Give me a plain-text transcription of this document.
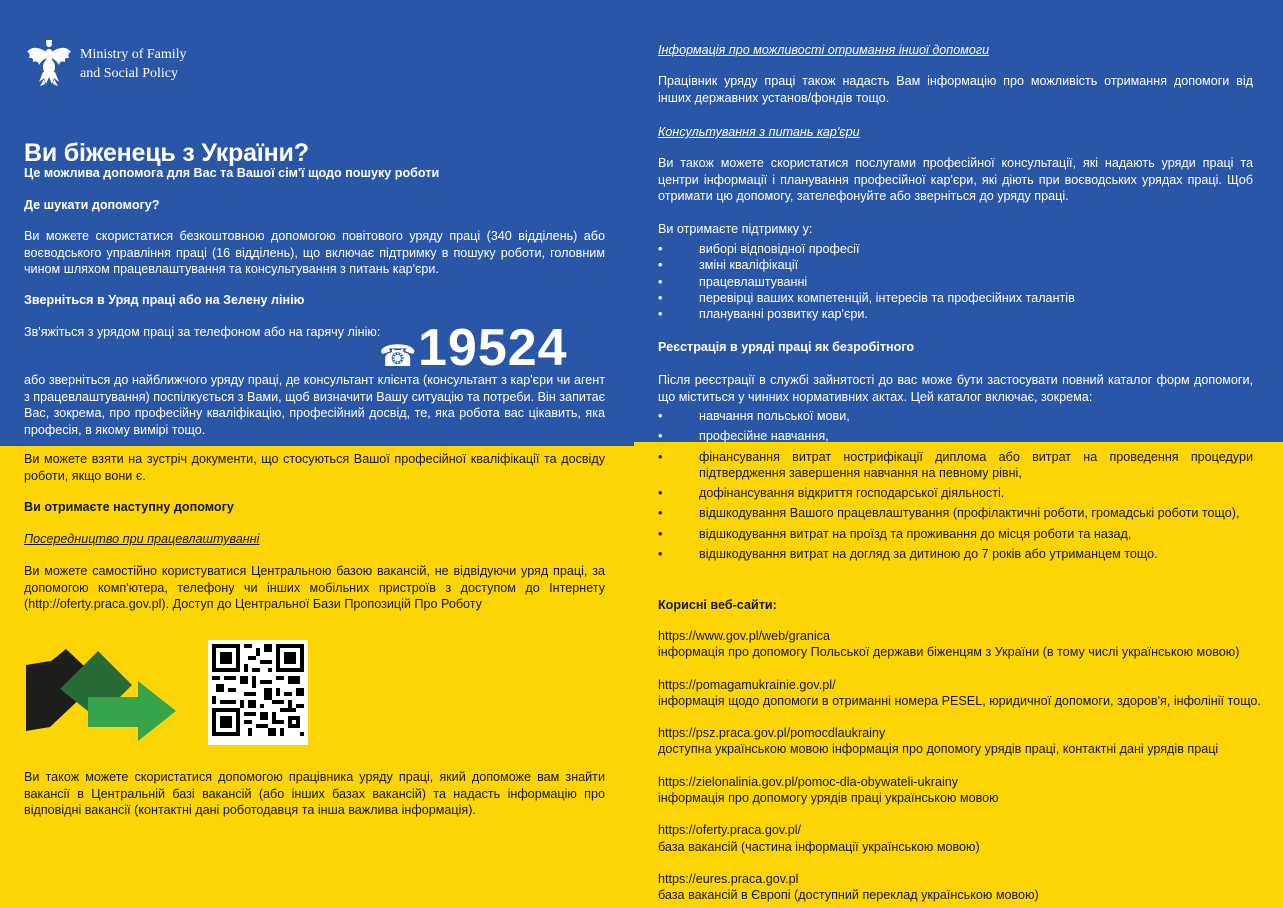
Ministry of Family
and Social Policy
Ви біженець з України?
Це можлива допомога для Вас та Вашої сім'ї щодо пошуку роботи
Де шукати допомогу?
Ви можете скористатися безкоштовною допомогою повітового уряду праці (340 відділень) або воєводського управління праці (16 відділень), що включає підтримку в пошуку роботи, головним чином шляхом працевлаштування та консультування з питань кар'єри.
Зверніться в Уряд праці або на Зелену лінію
Зв'яжіться з урядом праці за телефоном або на гарячу лінію:
☎ 19524
або зверніться до найближчого уряду праці, де консультант клієнта (консультант з кар'єри чи агент з працевлаштування) поспілкується з Вами, щоб визначити Вашу ситуацію та потреби. Він запитає Вас, зокрема, про професійну кваліфікацію, професійний досвід, те, яка робота вас цікавить, яка професія, в якому вимірі тощо.
Ви можете взяти на зустріч документи, що стосуються Вашої професійної кваліфікації та досвіду роботи, якщо вони є.
Ви отримаєте наступну допомогу
Посередництво при працевлаштуванні
Ви можете самостійно користуватися Центральною базою вакансій, не відвідуючи уряд праці, за допомогою комп'ютера, телефону чи інших мобільних пристроїв з доступом до Інтернету (http://oferty.praca.gov.pl). Доступ до Центральної Бази Пропозицій Про Роботу
Ви також можете скористатися допомогою працівника уряду праці, який допоможе вам знайти вакансії в Центральній базі вакансій (або інших базах вакансій) та надасть інформацію про відповідні вакансії (контактні дані роботодавця та інша важлива інформація).
Інформація про можливості отримання іншої допомоги
Працівник уряду праці також надасть Вам інформацію про можливість отримання допомоги від інших державних установ/фондів тощо.
Консультування з питань кар'єри
Ви також можете скористатися послугами професійної консультації, які надають уряди праці та центри інформації і планування професійної кар'єри, які діють при воєводських урядах праці. Щоб отримати цю допомогу, зателефонуйте або зверніться до уряду праці.
Ви отримаєте підтримку у:
•	виборі відповідної професії
•	зміні кваліфікації
•	працевлаштуванні
•	перевірці ваших компетенцій, інтересів та професійних талантів
•	плануванні розвитку кар'єри.
Реєстрація в уряді праці як безробітного
Після реєстрації в службі зайнятості до вас може бути застосувати повний каталог форм допомоги, що міститься у чинних нормативних актах. Цей каталог включає, зокрема:
•	навчання польської мови,
•	професійне навчання,
•	фінансування витрат нострифікації диплома або витрат на проведення процедури підтвердження завершення навчання на певному рівні,
•	дофінансування відкриття господарської діяльності.
•	відшкодування Вашого працевлаштування (профілактичні роботи, громадські роботи тощо),
•	відшкодування витрат на проїзд та проживання до місця роботи та назад,
•	відшкодування витрат на догляд за дитиною до 7 років або утриманцем тощо.
Корисні веб-сайти:
https://www.gov.pl/web/granica
інформація про допомогу Польської держави біженцям з України (в тому числі українською мовою)
https://pomagamukrainie.gov.pl/
інформація щодо допомоги в отриманні номера PESEL, юридичної допомоги, здоров'я, інфолінії тощо.
https://psz.praca.gov.pl/pomocdlaukrainy
доступна українською мовою інформація про допомогу урядів праці, контактні дані урядів праці
https://zielonalinia.gov.pl/pomoc-dla-obywateli-ukrainy
інформація про допомогу урядів праці українською мовою
https://oferty.praca.gov.pl/
база вакансій (частина інформації українською мовою)
https://eures.praca.gov.pl
база вакансій в Європі (доступний переклад українською мовою)
